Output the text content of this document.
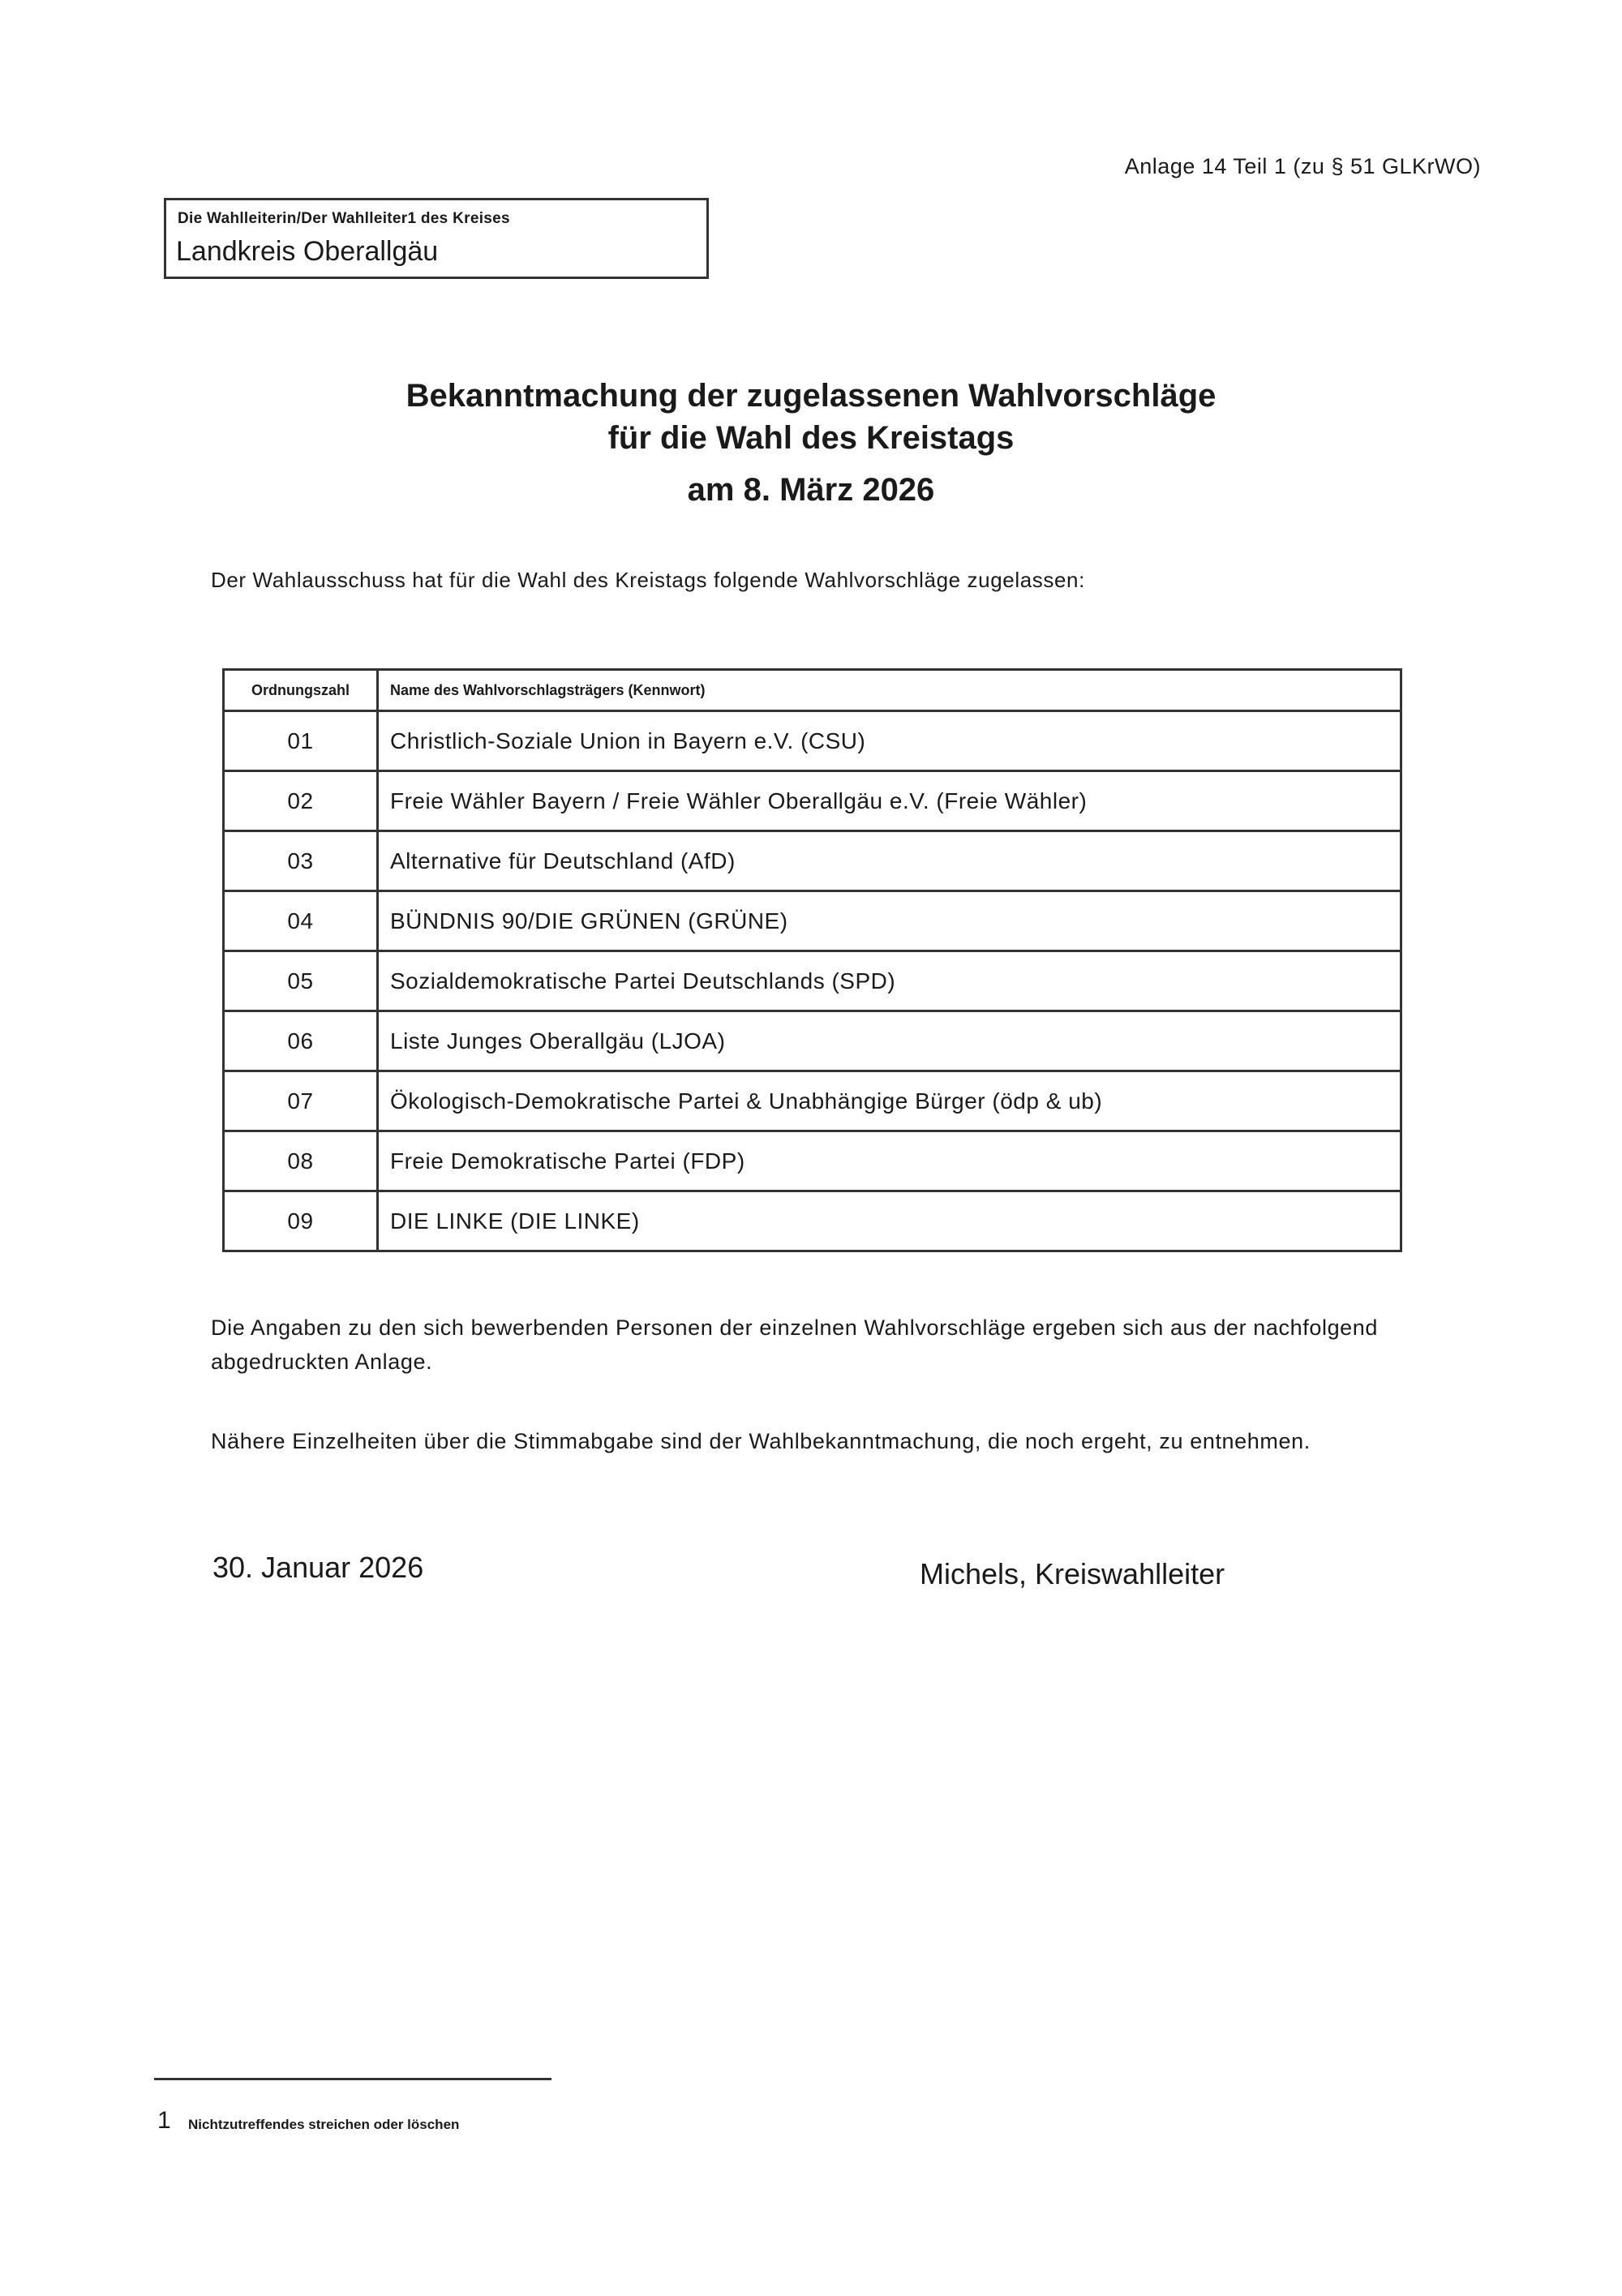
Anlage 14 Teil 1 (zu § 51 GLKrWO)
Die Wahlleiterin/Der Wahlleiter1 des Kreises
Landkreis Oberallgäu
Bekanntmachung der zugelassenen Wahlvorschläge
für die Wahl des Kreistags
am 8. März 2026
Der Wahlausschuss hat für die Wahl des Kreistags folgende Wahlvorschläge zugelassen:
Ordnungszahl	Name des Wahlvorschlagsträgers (Kennwort)
01	Christlich-Soziale Union in Bayern e.V. (CSU)
02	Freie Wähler Bayern / Freie Wähler Oberallgäu e.V. (Freie Wähler)
03	Alternative für Deutschland (AfD)
04	BÜNDNIS 90/DIE GRÜNEN (GRÜNE)
05	Sozialdemokratische Partei Deutschlands (SPD)
06	Liste Junges Oberallgäu (LJOA)
07	Ökologisch-Demokratische Partei & Unabhängige Bürger (ödp & ub)
08	Freie Demokratische Partei (FDP)
09	DIE LINKE (DIE LINKE)
Die Angaben zu den sich bewerbenden Personen der einzelnen Wahlvorschläge ergeben sich aus der nachfolgend abgedruckten Anlage.
Nähere Einzelheiten über die Stimmabgabe sind der Wahlbekanntmachung, die noch ergeht, zu entnehmen.
30. Januar 2026	Michels, Kreiswahlleiter
1 Nichtzutreffendes streichen oder löschen
